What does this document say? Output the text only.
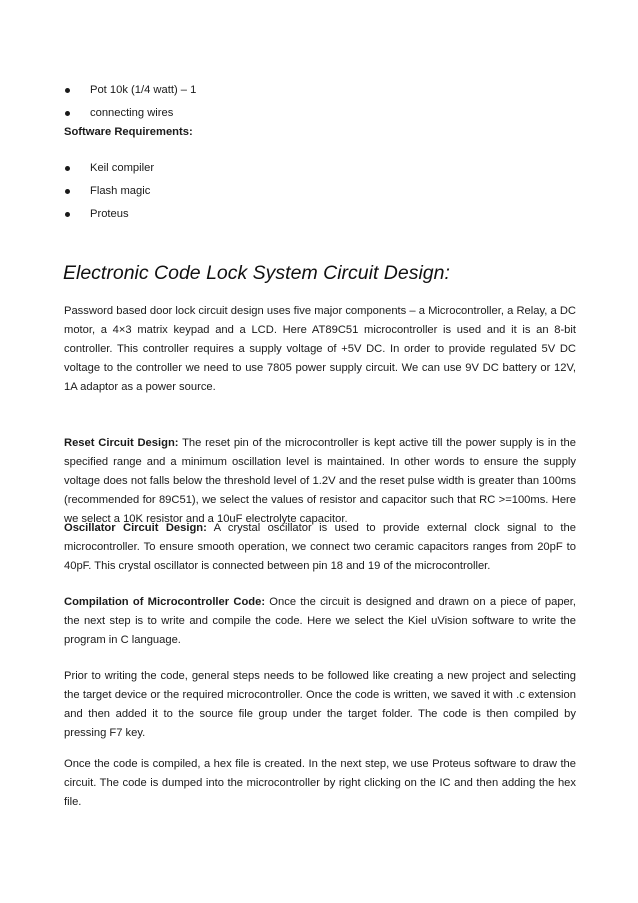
Pot 10k (1/4 watt) – 1
connecting wires
Software Requirements:
Keil compiler
Flash magic
Proteus
Electronic Code Lock System Circuit Design:

Password based door lock circuit design uses five major components – a Microcontroller, a Relay, a DC motor, a 4×3 matrix keypad and a LCD. Here AT89C51 microcontroller is used and it is an 8-bit controller. This controller requires a supply voltage of +5V DC. In order to provide regulated 5V DC voltage to the controller we need to use 7805 power supply circuit. We can use 9V DC battery or 12V, 1A adaptor as a power source.

Reset Circuit Design: The reset pin of the microcontroller is kept active till the power supply is in the specified range and a minimum oscillation level is maintained. In other words to ensure the supply voltage does not falls below the threshold level of 1.2V and the reset pulse width is greater than 100ms (recommended for 89C51), we select the values of resistor and capacitor such that RC >=100ms. Here we select a 10K resistor and a 10uF electrolyte capacitor.

Oscillator Circuit Design: A crystal oscillator is used to provide external clock signal to the microcontroller. To ensure smooth operation, we connect two ceramic capacitors ranges from 20pF to 40pF. This crystal oscillator is connected between pin 18 and 19 of the microcontroller.

Compilation of Microcontroller Code: Once the circuit is designed and drawn on a piece of paper, the next step is to write and compile the code. Here we select the Kiel uVision software to write the program in C language.

Prior to writing the code, general steps needs to be followed like creating a new project and selecting the target device or the required microcontroller. Once the code is written, we saved it with .c extension and then added it to the source file group under the target folder. The code is then compiled by pressing F7 key.

Once the code is compiled, a hex file is created. In the next step, we use Proteus software to draw the circuit. The code is dumped into the microcontroller by right clicking on the IC and then adding the hex file.
